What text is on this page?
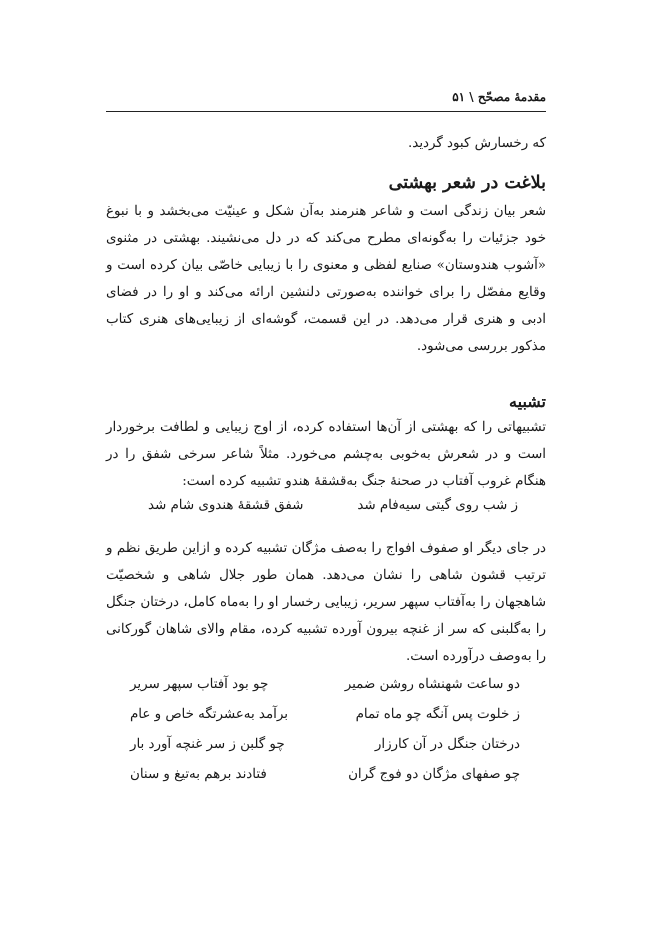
مقدمهٔ مصحّح \ ۵۱

که رخسارش کبود گردید.

بلاغت در شعر بهشتی

شعر بیان زندگی است و شاعر هنرمند به‌آن شکل و عینیّت می‌بخشد و با نبوغ خود جزئیات را به‌گونه‌ای مطرح می‌کند که در دل می‌نشیند. بهشتی در مثنوی «آشوب هندوستان» صنایع لفظی و معنوی را با زیبایی خاصّی بیان کرده است و وقایع مفصّل را برای خواننده به‌صورتی دلنشین ارائه می‌کند و او را در فضای ادبی و هنری قرار می‌دهد. در این قسمت، گوشه‌ای از زیبایی‌های هنری کتاب مذکور بررسی می‌شود.

تشبیه

تشبیهاتی را که بهشتی از آن‌ها استفاده کرده، از اوج زیبایی و لطافت برخوردار است و در شعرش به‌خوبی به‌چشم می‌خورد. مثلاً شاعر سرخی شفق را در هنگام غروب آفتاب در صحنهٔ جنگ به‌قشقهٔ هندو تشبیه کرده است:

ز شب روی گیتی سیه‌فام شد
شفق قشقهٔ هندوی شام شد

در جای دیگر او صفوف افواج را به‌صف مژگان تشبیه کرده و ازاین طریق نظم و ترتیب قشون شاهی را نشان می‌دهد. همان طور جلال شاهی و شخصیّت شاهجهان را به‌آفتاب سپهر سریر، زیبایی رخسار او را به‌ماه کامل، درختان جنگل را به‌گلبنی که سر از غنچه بیرون آورده تشبیه کرده، مقام والای شاهان گورکانی را به‌وصف درآورده است.

دو ساعت شهنشاه روشن ضمیر
چو بود آفتاب سپهر سریر
ز خلوت پس آنگه چو ماه تمام
برآمد به‌عشرتگه خاص و عام
درختان جنگل در آن کارزار
چو گلبن ز سر غنچه آورد بار
چو صفهای مژگان دو فوج گران
فتادند برهم به‌تیغ و سنان
